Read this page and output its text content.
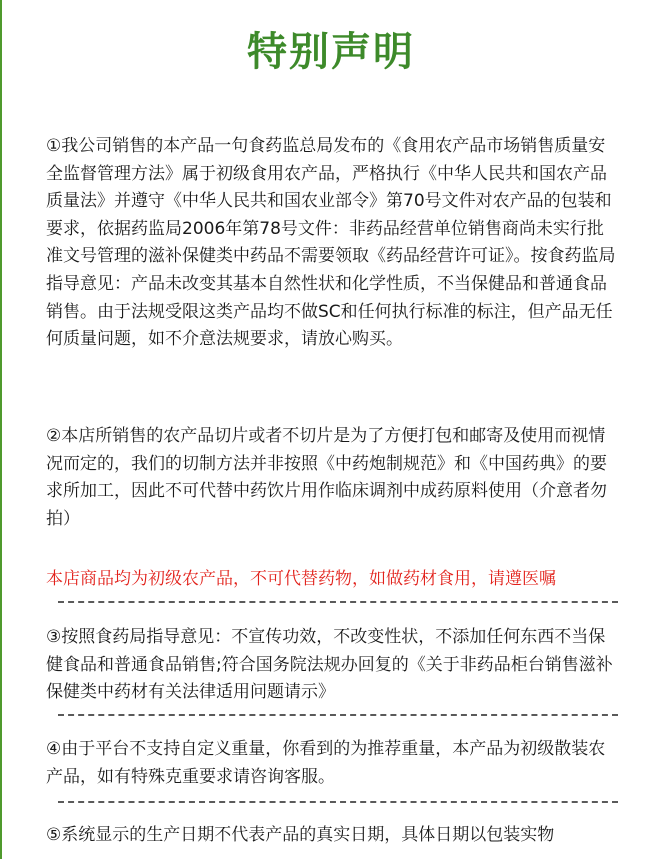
特别声明
①我公司销售的本产品一句食药监总局发布的《食用农产品市场销售质量安全监督管理方法》属于初级食用农产品，严格执行《中华人民共和国农产品质量法》并遵守《中华人民共和国农业部令》第70号文件对农产品的包装和要求，依据药监局2006年第78号文件：非药品经营单位销售商尚未实行批准文号管理的滋补保健类中药品不需要领取《药品经营许可证》。按食药监局指导意见：产品未改变其基本自然性状和化学性质，不当保健品和普通食品销售。由于法规受限这类产品均不做SC和任何执行标准的标注，但产品无任何质量问题，如不介意法规要求，请放心购买。
②本店所销售的农产品切片或者不切片是为了方便打包和邮寄及使用而视情况而定的，我们的切制方法并非按照《中药炮制规范》和《中国药典》的要求所加工，因此不可代替中药饮片用作临床调剂中成药原料使用（介意者勿拍）
本店商品均为初级农产品，不可代替药物，如做药材食用，请遵医嘱
③按照食药局指导意见：不宣传功效，不改变性状，不添加任何东西不当保健食品和普通食品销售;符合国务院法规办回复的《关于非药品柜台销售滋补保健类中药材有关法律适用问题请示》
④由于平台不支持自定义重量，你看到的为推荐重量，本产品为初级散装农产品，如有特殊克重要求请咨询客服。
⑤系统显示的生产日期不代表产品的真实日期，具体日期以包装实物
